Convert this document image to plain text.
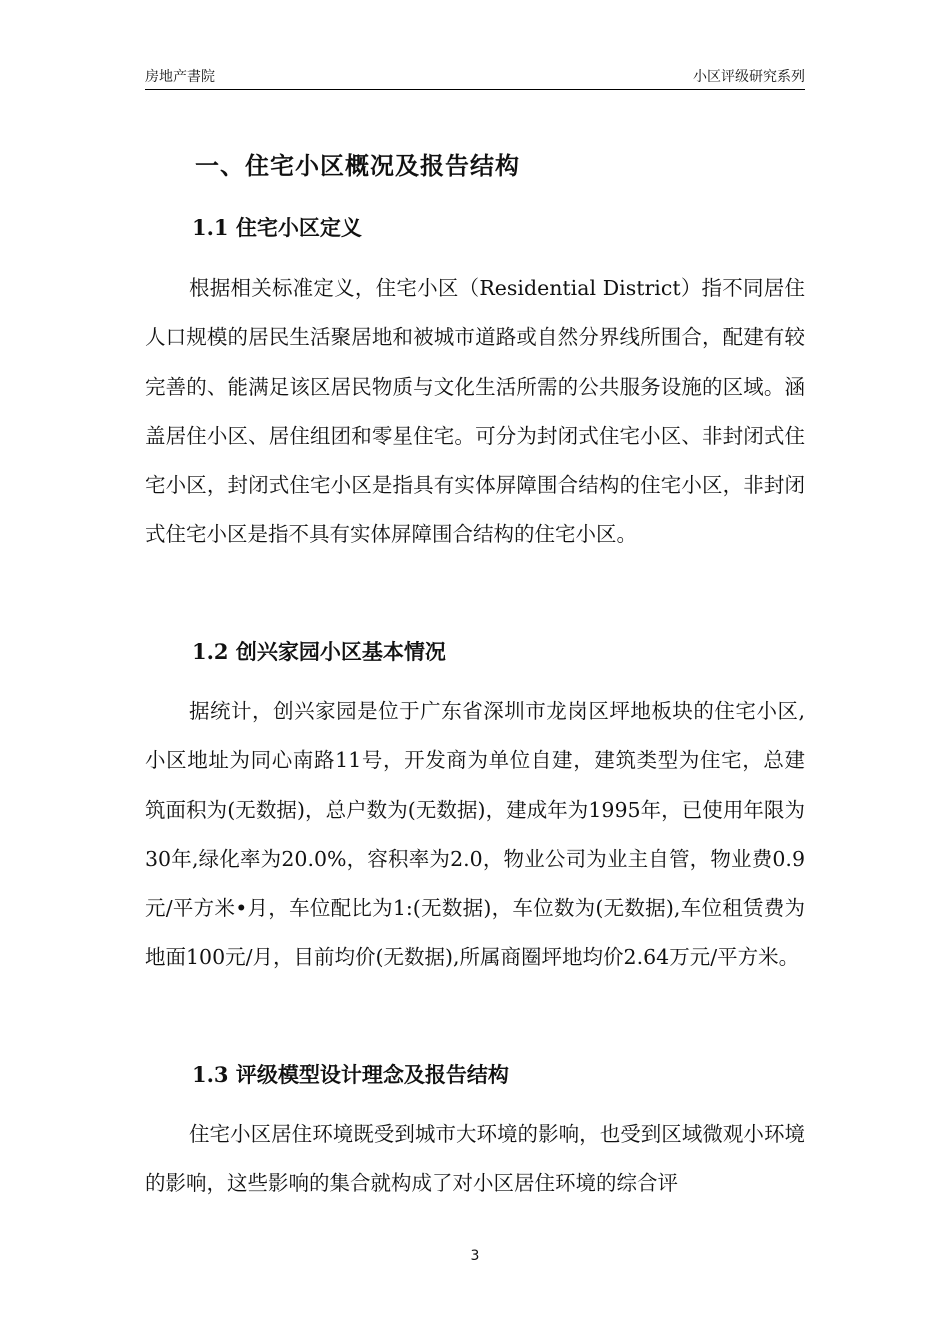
房地产書院	小区评级研究系列
一、住宅小区概况及报告结构
1.1 住宅小区定义

根据相关标准定义，住宅小区（Residential District）指不同居住人口规模的居民生活聚居地和被城市道路或自然分界线所围合，配建有较完善的、能满足该区居民物质与文化生活所需的公共服务设施的区域。涵盖居住小区、居住组团和零星住宅。可分为封闭式住宅小区、非封闭式住宅小区，封闭式住宅小区是指具有实体屏障围合结构的住宅小区，非封闭式住宅小区是指不具有实体屏障围合结构的住宅小区。

1.2 创兴家园小区基本情况

据统计，创兴家园是位于广东省深圳市龙岗区坪地板块的住宅小区,小区地址为同心南路11号，开发商为单位自建，建筑类型为住宅，总建筑面积为(无数据)，总户数为(无数据)，建成年为1995年，已使用年限为30年,绿化率为20.0%，容积率为2.0，物业公司为业主自管，物业费0.9元/平方米•月，车位配比为1:(无数据)，车位数为(无数据),车位租赁费为地面100元/月，目前均价(无数据),所属商圈坪地均价2.64万元/平方米。

1.3 评级模型设计理念及报告结构

住宅小区居住环境既受到城市大环境的影响，也受到区域微观小环境的影响，这些影响的集合就构成了对小区居住环境的综合评

3
